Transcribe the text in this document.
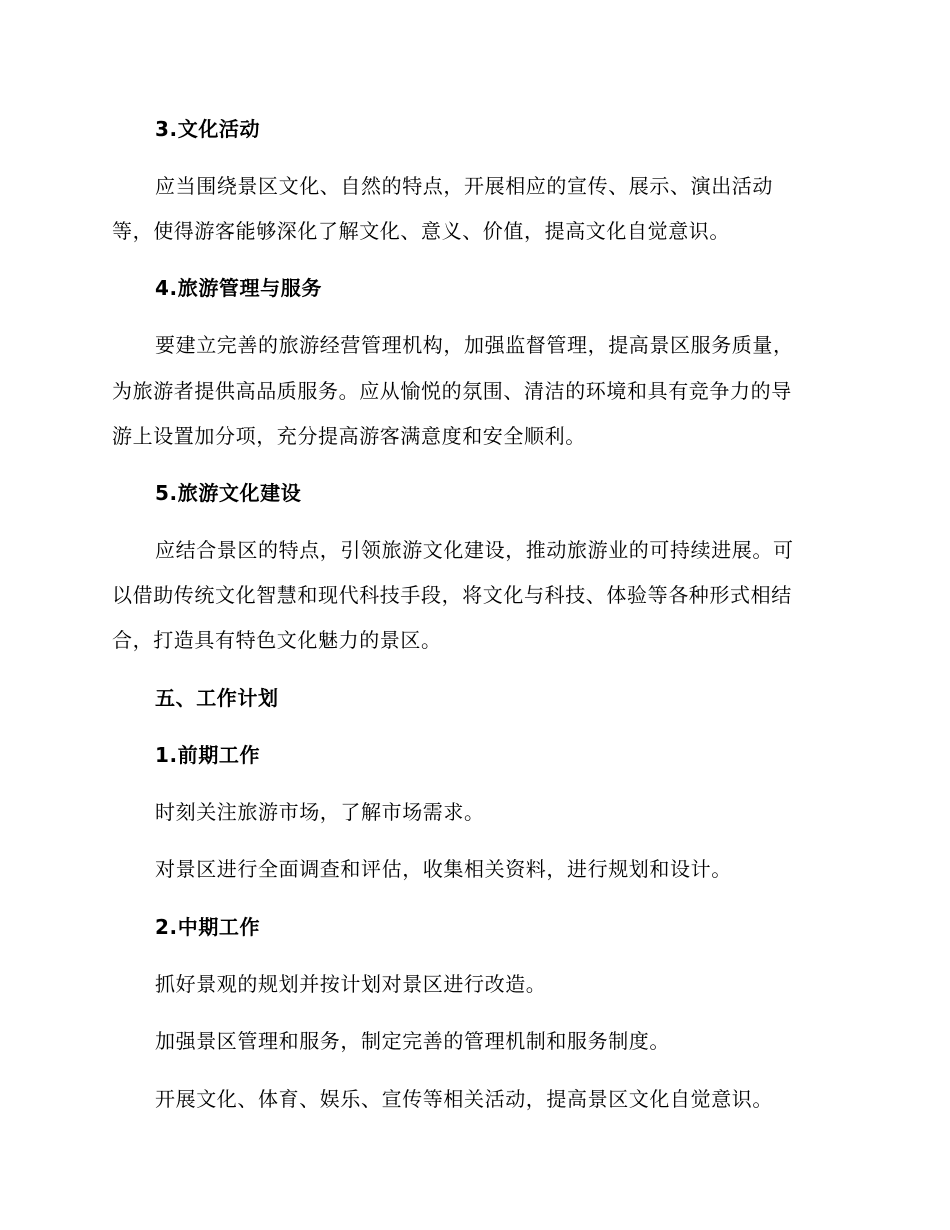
3.文化活动
应当围绕景区文化、自然的特点，开展相应的宣传、展示、演出活动
等，使得游客能够深化了解文化、意义、价值，提高文化自觉意识。
4.旅游管理与服务
要建立完善的旅游经营管理机构，加强监督管理，提高景区服务质量，
为旅游者提供高品质服务。应从愉悦的氛围、清洁的环境和具有竞争力的导
游上设置加分项，充分提高游客满意度和安全顺利。
5.旅游文化建设
应结合景区的特点，引领旅游文化建设，推动旅游业的可持续进展。可
以借助传统文化智慧和现代科技手段，将文化与科技、体验等各种形式相结
合，打造具有特色文化魅力的景区。
五、工作计划
1.前期工作
时刻关注旅游市场，了解市场需求。
对景区进行全面调查和评估，收集相关资料，进行规划和设计。
2.中期工作
抓好景观的规划并按计划对景区进行改造。
加强景区管理和服务，制定完善的管理机制和服务制度。
开展文化、体育、娱乐、宣传等相关活动，提高景区文化自觉意识。
